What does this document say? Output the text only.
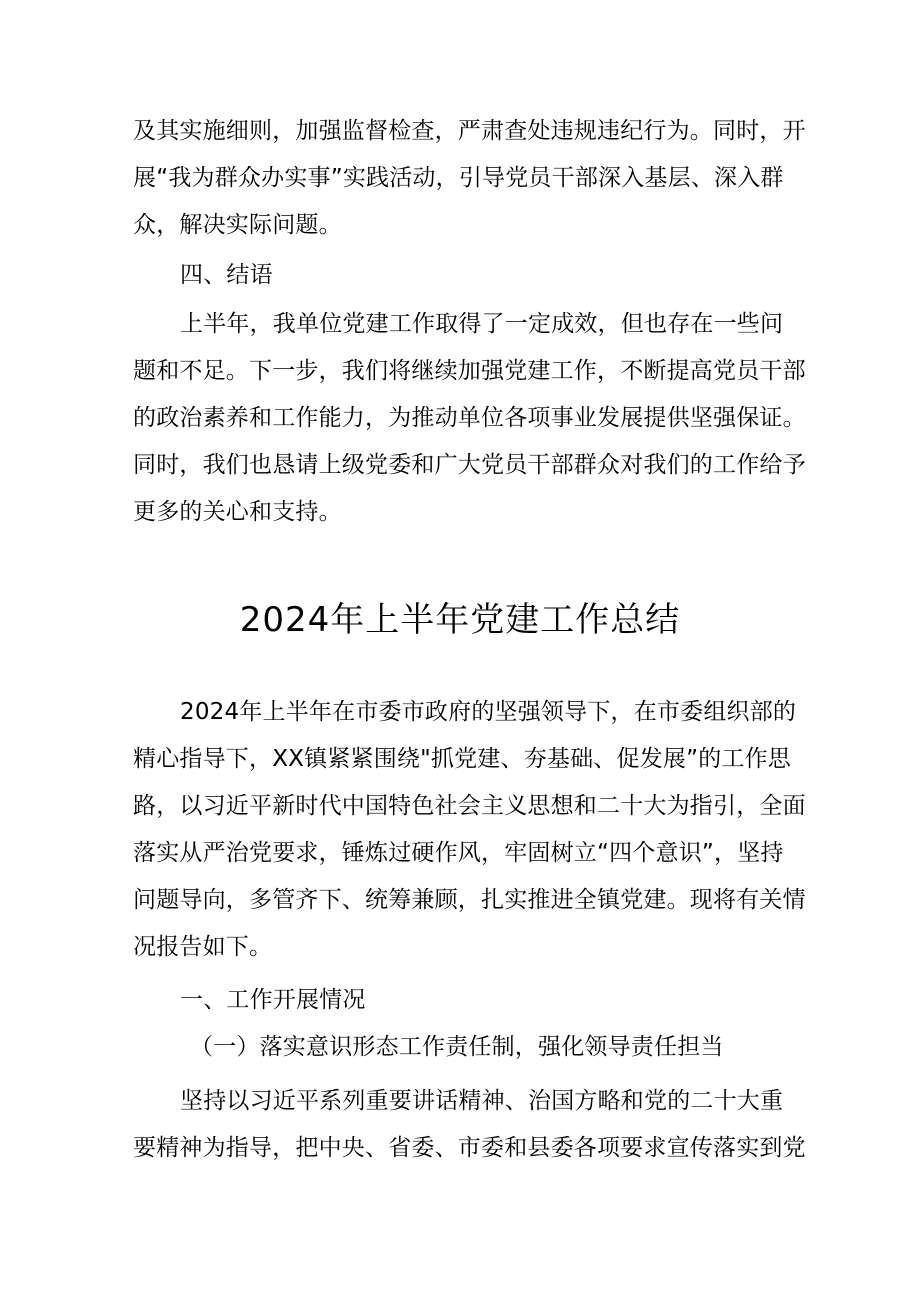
及其实施细则，加强监督检查，严肃查处违规违纪行为。同时，开
展“我为群众办实事”实践活动，引导党员干部深入基层、深入群
众，解决实际问题。
四、结语
上半年，我单位党建工作取得了一定成效，但也存在一些问
题和不足。下一步，我们将继续加强党建工作，不断提高党员干部
的政治素养和工作能力，为推动单位各项事业发展提供坚强保证。
同时，我们也恳请上级党委和广大党员干部群众对我们的工作给予
更多的关心和支持。
2024年上半年党建工作总结
2024年上半年在市委市政府的坚强领导下，在市委组织部的
精心指导下，XX镇紧紧围绕"抓党建、夯基础、促发展”的工作思
路，以习近平新时代中国特色社会主义思想和二十大为指引，全面
落实从严治党要求，锤炼过硬作风，牢固树立“四个意识”，坚持
问题导向，多管齐下、统筹兼顾，扎实推进全镇党建。现将有关情
况报告如下。
一、工作开展情况
（一）落实意识形态工作责任制，强化领导责任担当
坚持以习近平系列重要讲话精神、治国方略和党的二十大重
要精神为指导，把中央、省委、市委和县委各项要求宣传落实到党
